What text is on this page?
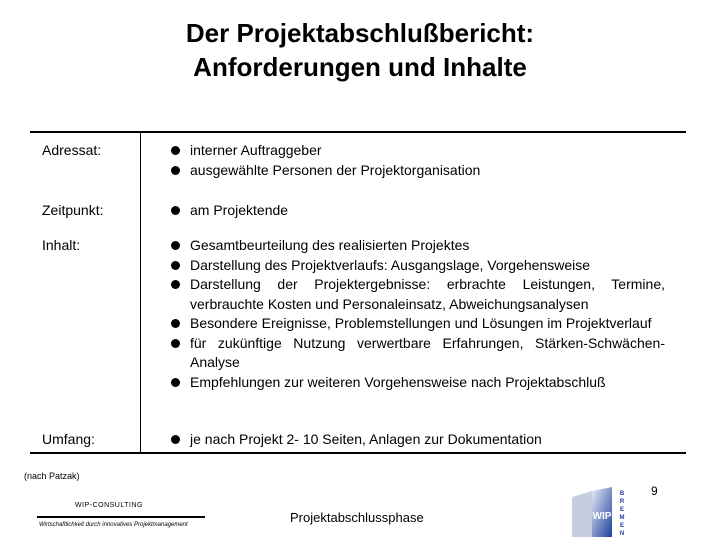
Der Projektabschlußbericht:
Anforderungen und Inhalte
Adressat:
Zeitpunkt:
Inhalt:
Umfang:
interner Auftraggeber
ausgewählte Personen der Projektorganisation
am Projektende
Gesamtbeurteilung des realisierten Projektes
Darstellung des Projektverlaufs: Ausgangslage, Vorgehensweise
Darstellung der Projektergebnisse: erbrachte Leistungen, Termine, verbrauchte Kosten und Personaleinsatz, Abweichungsanalysen
Besondere Ereignisse, Problemstellungen und Lösungen im Projektverlauf
für zukünftige Nutzung verwertbare Erfahrungen, Stärken-Schwächen-Analyse
Empfehlungen zur weiteren Vorgehensweise nach Projektabschluß
je nach Projekt 2- 10 Seiten, Anlagen zur Dokumentation
(nach Patzak)
WIP-CONSULTING
Wirtschaftlichkeit durch innovatives Projektmanagement	Projektabschlussphase
9
WIP
B
R
E
M
E
N
